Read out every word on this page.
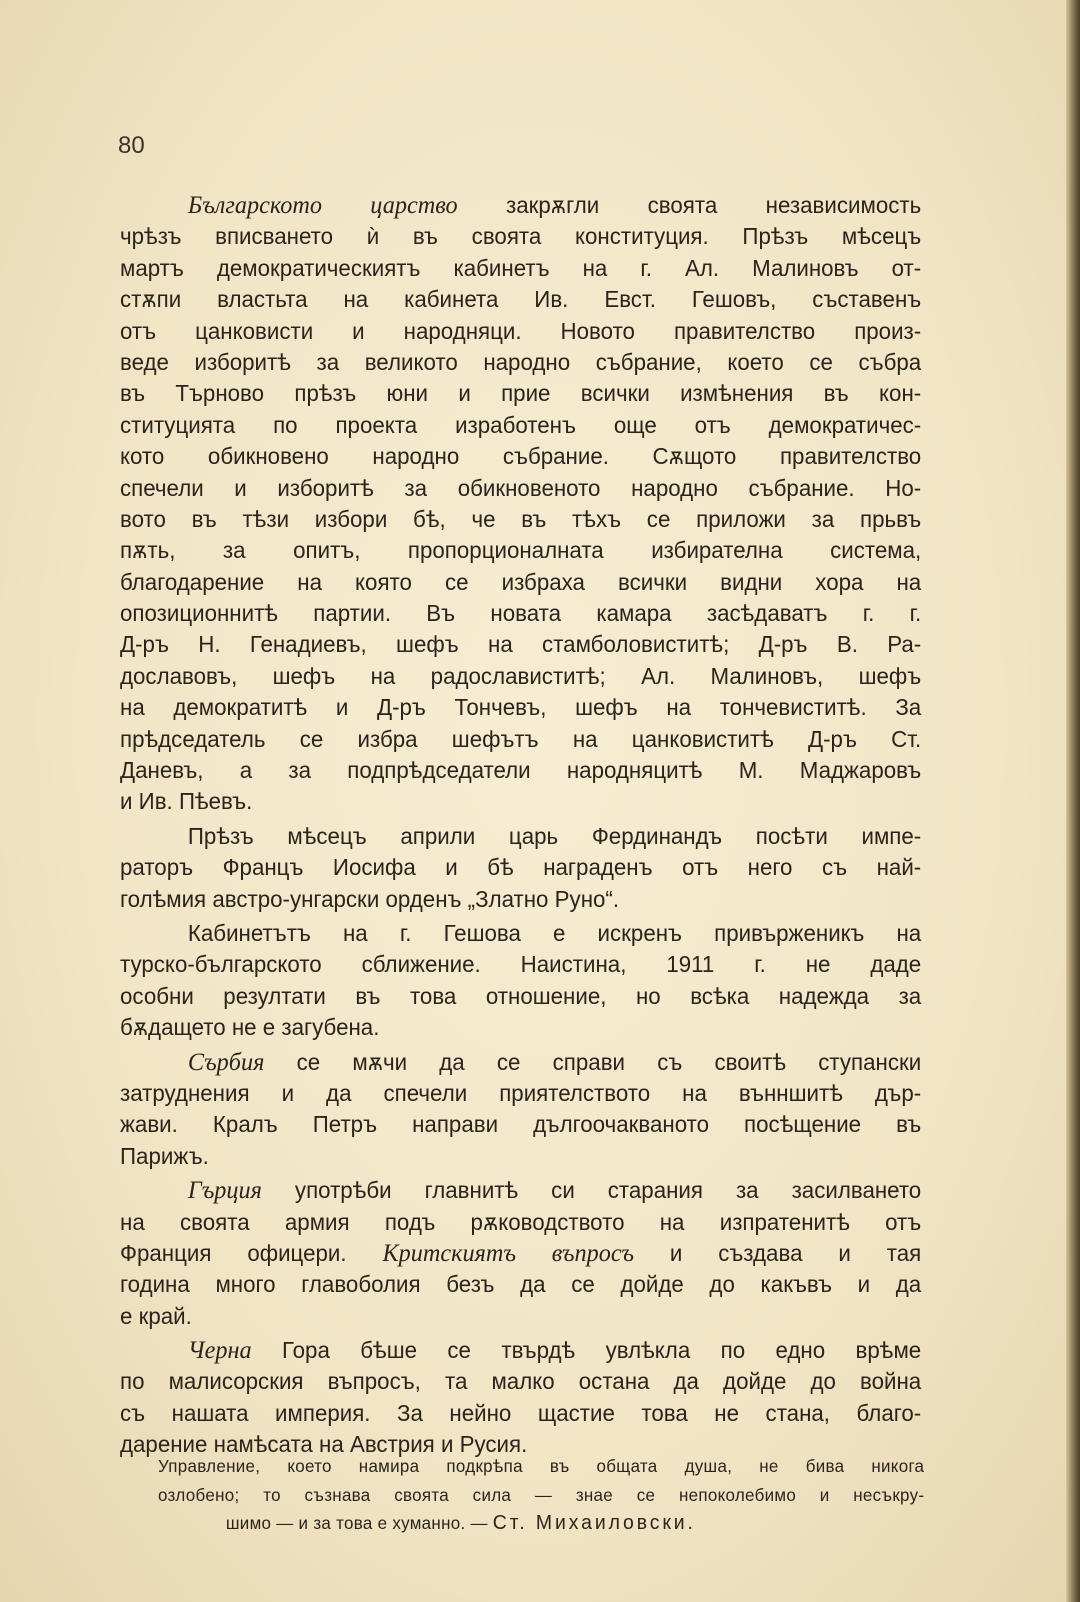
80
Българското царство закрѫгли своята независимость
чрѣзъ вписването ѝ въ своята конституция. Прѣзъ мѣсецъ
мартъ демократическиятъ кабинетъ на г. Ал. Малиновъ от-
стѫпи властьта на кабинета Ив. Евст. Гешовъ, съставенъ
отъ цанковисти и народняци. Новото правителство произ-
веде изборитѣ за великото народно събрание, което се събра
въ Търново прѣзъ юни и прие всички измѣнения въ кон-
ституцията по проекта изработенъ още отъ демократичес-
кото обикновено народно събрание. Сѫщото правителство
спечели и изборитѣ за обикновеното народно събрание. Но-
вото въ тѣзи избори бѣ, че въ тѣхъ се приложи за прьвъ
пѫть, за опитъ, пропорционалната избирателна система,
благодарение на която се избраха всички видни хора на
опозиционнитѣ партии. Въ новата камара засѣдаватъ г. г.
Д-ръ Н. Генадиевъ, шефъ на стамболовиститѣ; Д-ръ В. Ра-
дославовъ, шефъ на радославиститѣ; Ал. Малиновъ, шефъ
на демократитѣ и Д-ръ Тончевъ, шефъ на тончевиститѣ. За
прѣдседатель се избра шефътъ на цанковиститѣ Д-ръ Ст.
Даневъ, а за подпрѣдседатели народняцитѣ М. Маджаровъ
и Ив. Пѣевъ.
Прѣзъ мѣсецъ априли царь Фердинандъ посѣти импе-
раторъ Францъ Иосифа и бѣ награденъ отъ него съ най-
голѣмия австро-унгарски орденъ „Златно Руно“.
Кабинетътъ на г. Гешова е искренъ привърженикъ на
турско-българското сближение. Наистина, 1911 г. не даде
особни резултати въ това отношение, но всѣка надежда за
бѫдащето не е загубена.
Сърбия се мѫчи да се справи съ своитѣ ступански
затруднения и да спечели приятелството на вънншитѣ дър-
жави. Кралъ Петръ направи дългоочакваното посѣщение въ
Парижъ.
Гърция употрѣби главнитѣ си старания за засилването
на своята армия подъ рѫководството на изпратенитѣ отъ
Франция офицери. Критскиятъ въпросъ и създава и тая
година много главоболия безъ да се дойде до какъвъ и да
е край.
Черна Гора бѣше се твърдѣ увлѣкла по едно врѣме
по малисорския въпросъ, та малко остана да дойде до война
съ нашата империя. За нейно щастие това не стана, благо-
дарение намѣсата на Австрия и Русия.
Управление, което намира подкрѣпа въ общата душа, не бива никога
озлобено; то съзнава своята сила — знае се непоколебимо и несъкру-
шимо — и за това е хуманно. — Ст. Михаиловски.
